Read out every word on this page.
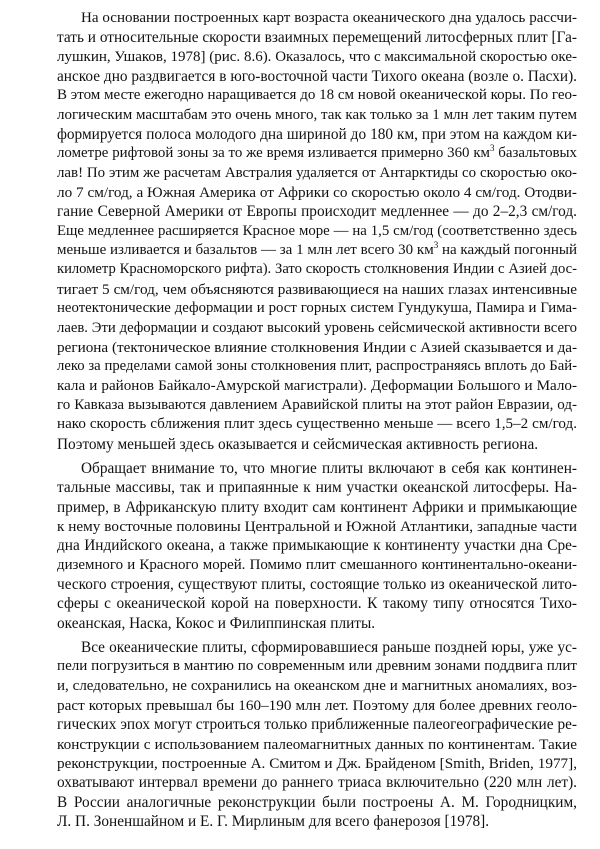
На основании построенных карт возраста океанического дна удалось рассчи-
тать и относительные скорости взаимных перемещений литосферных плит [Га-
лушкин, Ушаков, 1978] (рис. 8.6). Оказалось, что с максимальной скоростью оке-
анское дно раздвигается в юго-восточной части Тихого океана (возле о. Пасхи).
В этом месте ежегодно наращивается до 18 см новой океанической коры. По гео-
логическим масштабам это очень много, так как только за 1 млн лет таким путем
формируется полоса молодого дна шириной до 180 км, при этом на каждом ки-
лометре рифтовой зоны за то же время изливается примерно 360 $км^3$ базальтовых
лав! По этим же расчетам Австралия удаляется от Антарктиды со скоростью око-
ло 7 см/год, а Южная Америка от Африки со скоростью около 4 см/год. Отодви-
гание Северной Америки от Европы происходит медленнее — до 2–2,3 см/год.
Еще медленнее расширяется Красное море — на 1,5 см/год (соответственно здесь
меньше изливается и базальтов — за 1 млн лет всего 30 $км^3$ на каждый погонный
километр Красноморского рифта). Зато скорость столкновения Индии с Азией дос-
тигает 5 см/год, чем объясняются развивающиеся на наших глазах интенсивные
неотектонические деформации и рост горных систем Гундукуша, Памира и Гима-
лаев. Эти деформации и создают высокий уровень сейсмической активности всего
региона (тектоническое влияние столкновения Индии с Азией сказывается и да-
леко за пределами самой зоны столкновения плит, распространяясь вплоть до Бай-
кала и районов Байкало-Амурской магистрали). Деформации Большого и Мало-
го Кавказа вызываются давлением Аравийской плиты на этот район Евразии, од-
нако скорость сближения плит здесь существенно меньше — всего 1,5–2 см/год.
Поэтому меньшей здесь оказывается и сейсмическая активность региона.
Обращает внимание то, что многие плиты включают в себя как континен-
тальные массивы, так и припаянные к ним участки океанской литосферы. На-
пример, в Африканскую плиту входит сам континент Африки и примыкающие
к нему восточные половины Центральной и Южной Атлантики, западные части
дна Индийского океана, а также примыкающие к континенту участки дна Сре-
диземного и Красного морей. Помимо плит смешанного континентально-океани-
ческого строения, существуют плиты, состоящие только из океанической лито-
сферы с океанической корой на поверхности. К такому типу относятся Тихо-
океанская, Наска, Кокос и Филиппинская плиты.
Все океанические плиты, сформировавшиеся раньше поздней юры, уже ус-
пели погрузиться в мантию по современным или древним зонами поддвига плит
и, следовательно, не сохранились на океанском дне и магнитных аномалиях, воз-
раст которых превышал бы 160–190 млн лет. Поэтому для более древних геоло-
гических эпох могут строиться только приближенные палеогеографические ре-
конструкции с использованием палеомагнитных данных по континентам. Такие
реконструкции, построенные А. Смитом и Дж. Брайденом [Smith, Briden, 1977],
охватывают интервал времени до раннего триаса включительно (220 млн лет).
В России аналогичные реконструкции были построены А. М. Городницким,
Л. П. Зоненшайном и Е. Г. Мирлиным для всего фанерозоя [1978].
